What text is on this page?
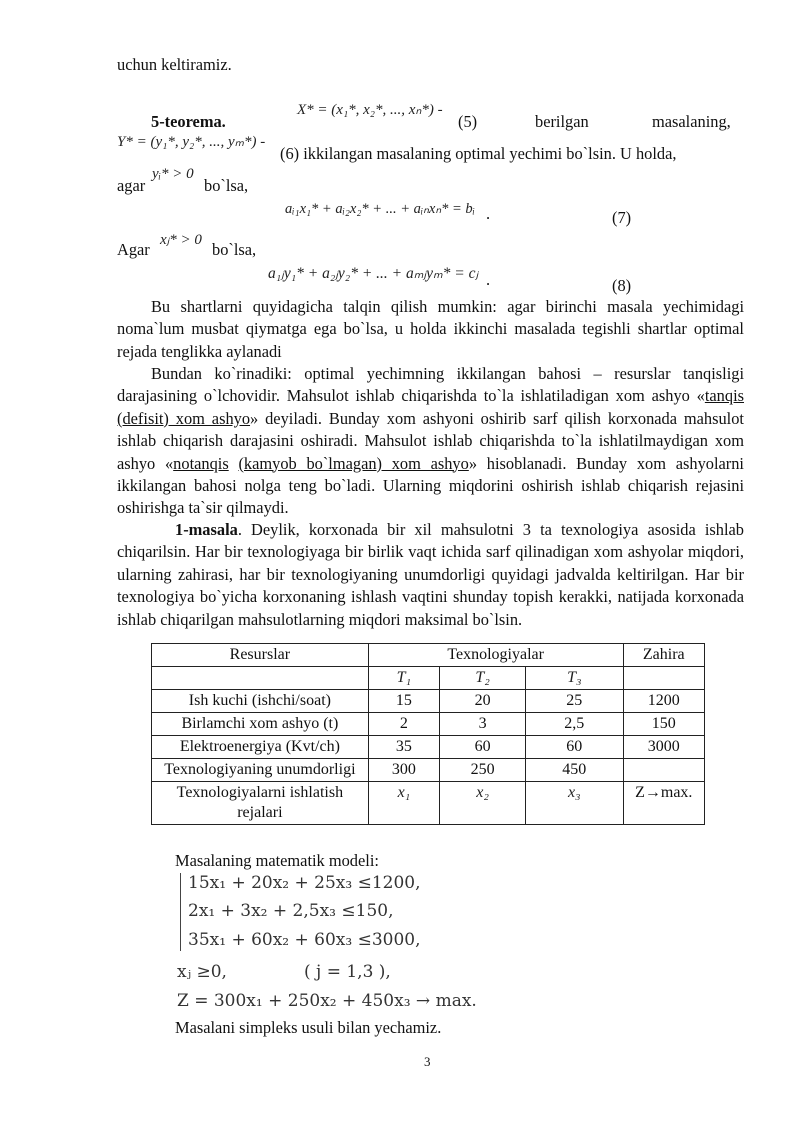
uchun keltiramiz.
5-teorema.
X* = (x₁*, x₂*, ..., xₙ*) -
(5)	berilgan	masalaning,
Y* = (y₁*, y₂*, ..., yₘ*) -
(6) ikkilangan masalaning optimal yechimi bo`lsin. U holda,
agar
yᵢ* > 0
bo`lsa,
aᵢ₁x₁* + aᵢ₂x₂* + ... + aᵢₙxₙ* = bᵢ .	(7)
Agar xⱼ* > 0 bo`lsa,
a₁ⱼy₁* + a₂ⱼy₂* + ... + aₘⱼyₘ* = cⱼ .	(8)

Bu shartlarni quyidagicha talqin qilish mumkin: agar birinchi masala yechimidagi noma`lum musbat qiymatga ega bo`lsa, u holda ikkinchi masalada tegishli shartlar optimal rejada tenglikka aylanadi

Bundan ko`rinadiki: optimal yechimning ikkilangan bahosi – resurslar tanqisligi darajasining o`lchovidir. Mahsulot ishlab chiqarishda to`la ishlatiladigan xom ashyo «tanqis (defisit) xom ashyo» deyiladi. Bunday xom ashyoni oshirib sarf qilish korxonada mahsulot ishlab chiqarish darajasini oshiradi. Mahsulot ishlab chiqarishda to`la ishlatilmaydigan xom ashyo «notanqis (kamyob bo`lmagan) xom ashyo» hisoblanadi. Bunday xom ashyolarni ikkilangan bahosi nolga teng bo`ladi. Ularning miqdorini oshirish ishlab chiqarish rejasini oshirishga ta`sir qilmaydi.

1-masala. Deylik, korxonada bir xil mahsulotni 3 ta texnologiya asosida ishlab chiqarilsin. Har bir texnologiyaga bir birlik vaqt ichida sarf qilinadigan xom ashyolar miqdori, ularning zahirasi, har bir texnologiyaning unumdorligi quyidagi jadvalda keltirilgan. Har bir texnologiya bo`yicha korxonaning ishlash vaqtini shunday topish kerakki, natijada korxonada ishlab chiqarilgan mahsulotlarning miqdori maksimal bo`lsin.

Resurslar	Texnologiyalar			Zahira
	T₁	T₂	T₃	
Ish kuchi (ishchi/soat)	15	20	25	1200
Birlamchi xom ashyo (t)	2	3	2,5	150
Elektroenergiya (Kvt/ch)	35	60	60	3000
Texnologiyaning unumdorligi	300	250	450	
Texnologiyalarni ishlatish rejalari	x₁	x₂	x₃	Z→max.
Masalaning matematik modeli:
15x₁ + 20x₂ + 25x₃ ≤1200,
2x₁ + 3x₂ + 2,5x₃ ≤150,
35x₁ + 60x₂ + 60x₃ ≤3000,
xⱼ ≥0,	( j = 1,3 ),
Z = 300x₁ + 250x₂ + 450x₃ → max.
Masalani simpleks usuli bilan yechamiz.
3
